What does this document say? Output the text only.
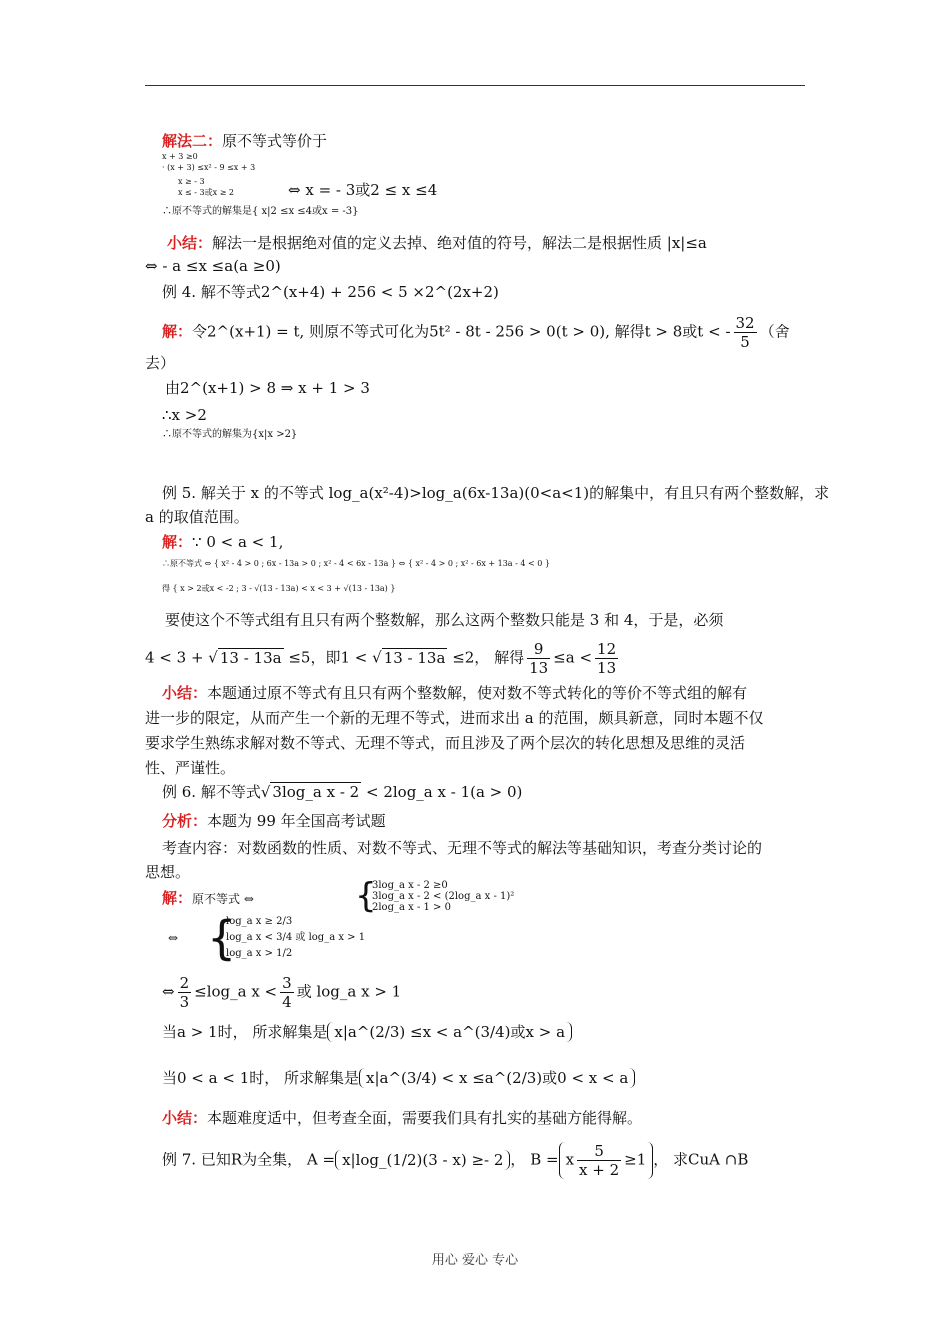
解法二：原不等式等价于
x + 3 ≥0
· (x + 3) ≤x² - 9 ≤x + 3
x ≥ - 3
x ≤ - 3或x ≥ 2	⇔ x = - 3或2 ≤ x ≤4
∴原不等式的解集是{ x|2 ≤x ≤4或x = -3}
小结：解法一是根据绝对值的定义去掉、绝对值的符号，解法二是根据性质 |x|≤a
⇔ - a ≤x ≤a(a ≥0)
例 4. 解不等式2^(x+4) + 256 < 5 ×2^(2x+2)
解：令2^(x+1) = t, 则原不等式可化为5t² - 8t - 256 > 0(t > 0), 解得t > 8或t < - $\frac{32}{5}$ （舍
去）
由2^(x+1) > 8 ⇒ x + 1 > 3
∴x >2
∴原不等式的解集为{x|x >2}
例 5. 解关于 x 的不等式 log_a(x²-4)>log_a(6x-13a)(0<a<1)的解集中，有且只有两个整数解，求
a 的取值范围。
解：∵ 0 < a < 1,
∴原不等式 ⇔ { x² - 4 > 0 ; 6x - 13a > 0 ; x² - 4 < 6x - 13a } ⇔ { x² - 4 > 0 ; x² - 6x + 13a - 4 < 0 }
得 { x > 2或x < -2 ; 3 - √(13 - 13a) < x < 3 + √(13 - 13a) }
要使这个不等式组有且只有两个整数解，那么这两个整数只能是 3 和 4，于是，必须
4 < 3 + √ 13 - 13a ≤5，即1 < √ 13 - 13a ≤2， 解得 $\frac{9}{13} \le a < \frac{12}{13}$
小结：本题通过原不等式有且只有两个整数解，使对数不等式转化的等价不等式组的解有
进一步的限定，从而产生一个新的无理不等式，进而求出 a 的范围，颇具新意，同时本题不仅
要求学生熟练求解对数不等式、无理不等式，而且涉及了两个层次的转化思想及思维的灵活
性、严谨性。
例 6. 解不等式√ 3log_a x - 2 < 2log_a x - 1(a > 0)
分析：本题为 99 年全国高考试题
考查内容：对数函数的性质、对数不等式、无理不等式的解法等基础知识，考查分类讨论的
思想。
解：原不等式 ⇔	{
3log_a x - 2 ≥0
3log_a x - 2 < (2log_a x - 1)²
2log_a x - 1 > 0
⇔ {
log_a x ≥ 2/3
log_a x < 3/4 或 log_a x > 1
log_a x > 1/2
⇔ $\frac{2}{3}$ ≤log_a $x < \frac{3}{4}$ 或 log_a x > 1
当a > 1时， 所求解集是 x|a^(2/3) ≤x < a^(3/4)或x > a
当0 < a < 1时， 所求解集是 x|a^(3/4) < x ≤a^(2/3)或0 < x < a
小结：本题难度适中，但考查全面，需要我们具有扎实的基础方能得解。
例 7. 已知R为全集， A = x|log_(1/2)(3 - x) ≥- 2 ， B = x $\frac{5}{x + 2} \ge 1$ ， 求CuA ∩B
用心 爱心 专心
